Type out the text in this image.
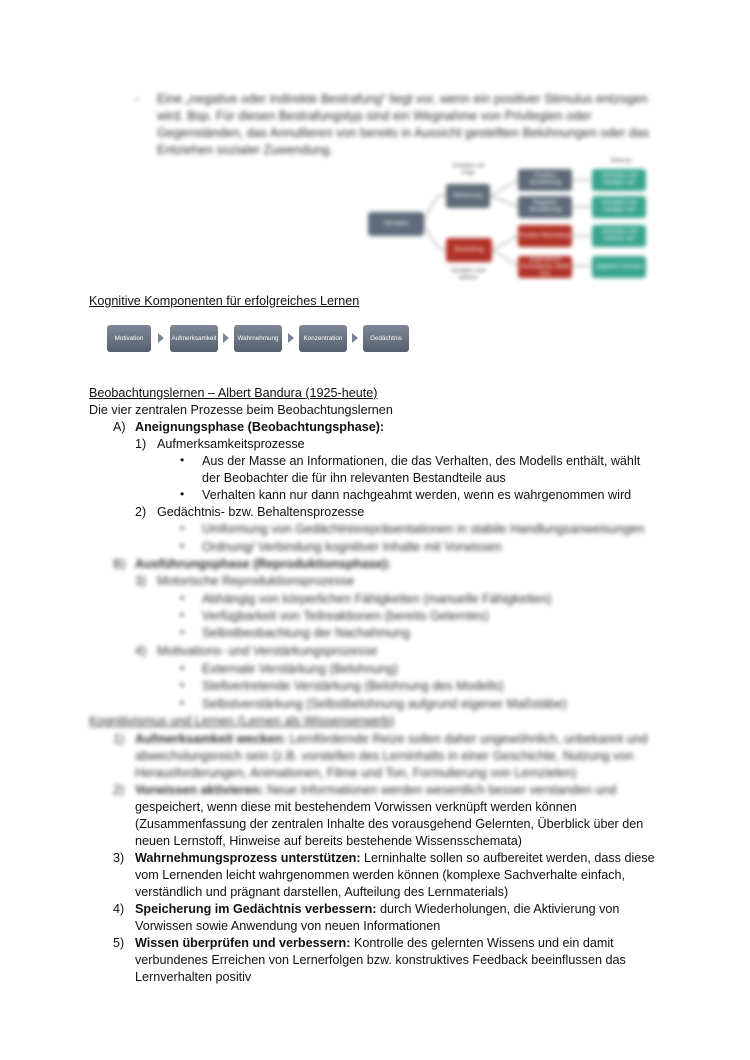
- Eine „negative oder indirekte Bestrafung“ liegt vor, wenn ein positiver Stimulus entzogen
wird. Bsp. Für diesen Bestrafungstyp sind ein Wegnahme von Privilegien oder
Gegenständen, das Annullieren von bereits in Aussicht gestellten Belohnungen oder das
Entziehen sozialer Zuwendung.
Verhalten mit
Folge
Wirkung
Verhalten
Belohnung
Bestrafung
Positive Verstärkung
Negative Verstärkung
Positive Bestrafung
angenehme Konsequenz bleibt aus
Verhalten tritt häufiger auf
Verhalten tritt häufiger auf
Verhalten tritt seltener auf
abgeben müssen
Verhalten wird
seltener
Kognitive Komponenten für erfolgreiches Lernen
Motivation	Aufmerksamkeit	Wahrnehmung	Konzentration	Gedächtnis
Beobachtungslernen – Albert Bandura (1925-heute)
Die vier zentralen Prozesse beim Beobachtungslernen
A) Aneignungsphase (Beobachtungsphase):
1) Aufmerksamkeitsprozesse
• Aus der Masse an Informationen, die das Verhalten, des Modells enthält, wählt
der Beobachter die für ihn relevanten Bestandteile aus
• Verhalten kann nur dann nachgeahmt werden, wenn es wahrgenommen wird
2) Gedächtnis- bzw. Behaltensprozesse
• Umformung von Gedächtnisrepräsentationen in stabile Handlungsanweisungen
• Ordnung/ Verbindung kognitiver Inhalte mit Vorwissen
B) Ausführungsphase (Reproduktionsphase):
3) Motorische Reproduktionsprozesse
• Abhängig von körperlichen Fähigkeiten (manuelle Fähigkeiten)
• Verfügbarkeit von Teilreaktionen (bereits Gelerntes)
• Selbstbeobachtung der Nachahmung
4) Motivations- und Verstärkungsprozesse
• Externale Verstärkung (Belohnung)
• Stellvertretende Verstärkung (Belohnung des Modells)
• Selbstverstärkung (Selbstbelohnung aufgrund eigener Maßstäbe)
Kognitivismus und Lernen (Lernen als Wissenserwerb)
1) Aufmerksamkeit wecken: Lernfördernde Reize sollen daher ungewöhnlich, unbekannt und
abwechslungsreich sein (z.B. vorstellen des Lerninhalts in einer Geschichte, Nutzung von
Herausforderungen, Animationen, Filme und Ton, Formulierung von Lernzielen)
2) Vorwissen aktivieren: Neue Informationen werden wesentlich besser verstanden und
gespeichert, wenn diese mit bestehendem Vorwissen verknüpft werden können
(Zusammenfassung der zentralen Inhalte des vorausgehend Gelernten, Überblick über den
neuen Lernstoff, Hinweise auf bereits bestehende Wissensschemata)
3) Wahrnehmungsprozess unterstützen: Lerninhalte sollen so aufbereitet werden, dass diese
vom Lernenden leicht wahrgenommen werden können (komplexe Sachverhalte einfach,
verständlich und prägnant darstellen, Aufteilung des Lernmaterials)
4) Speicherung im Gedächtnis verbessern: durch Wiederholungen, die Aktivierung von
Vorwissen sowie Anwendung von neuen Informationen
5) Wissen überprüfen und verbessern: Kontrolle des gelernten Wissens und ein damit
verbundenes Erreichen von Lernerfolgen bzw. konstruktives Feedback beeinflussen das
Lernverhalten positiv
